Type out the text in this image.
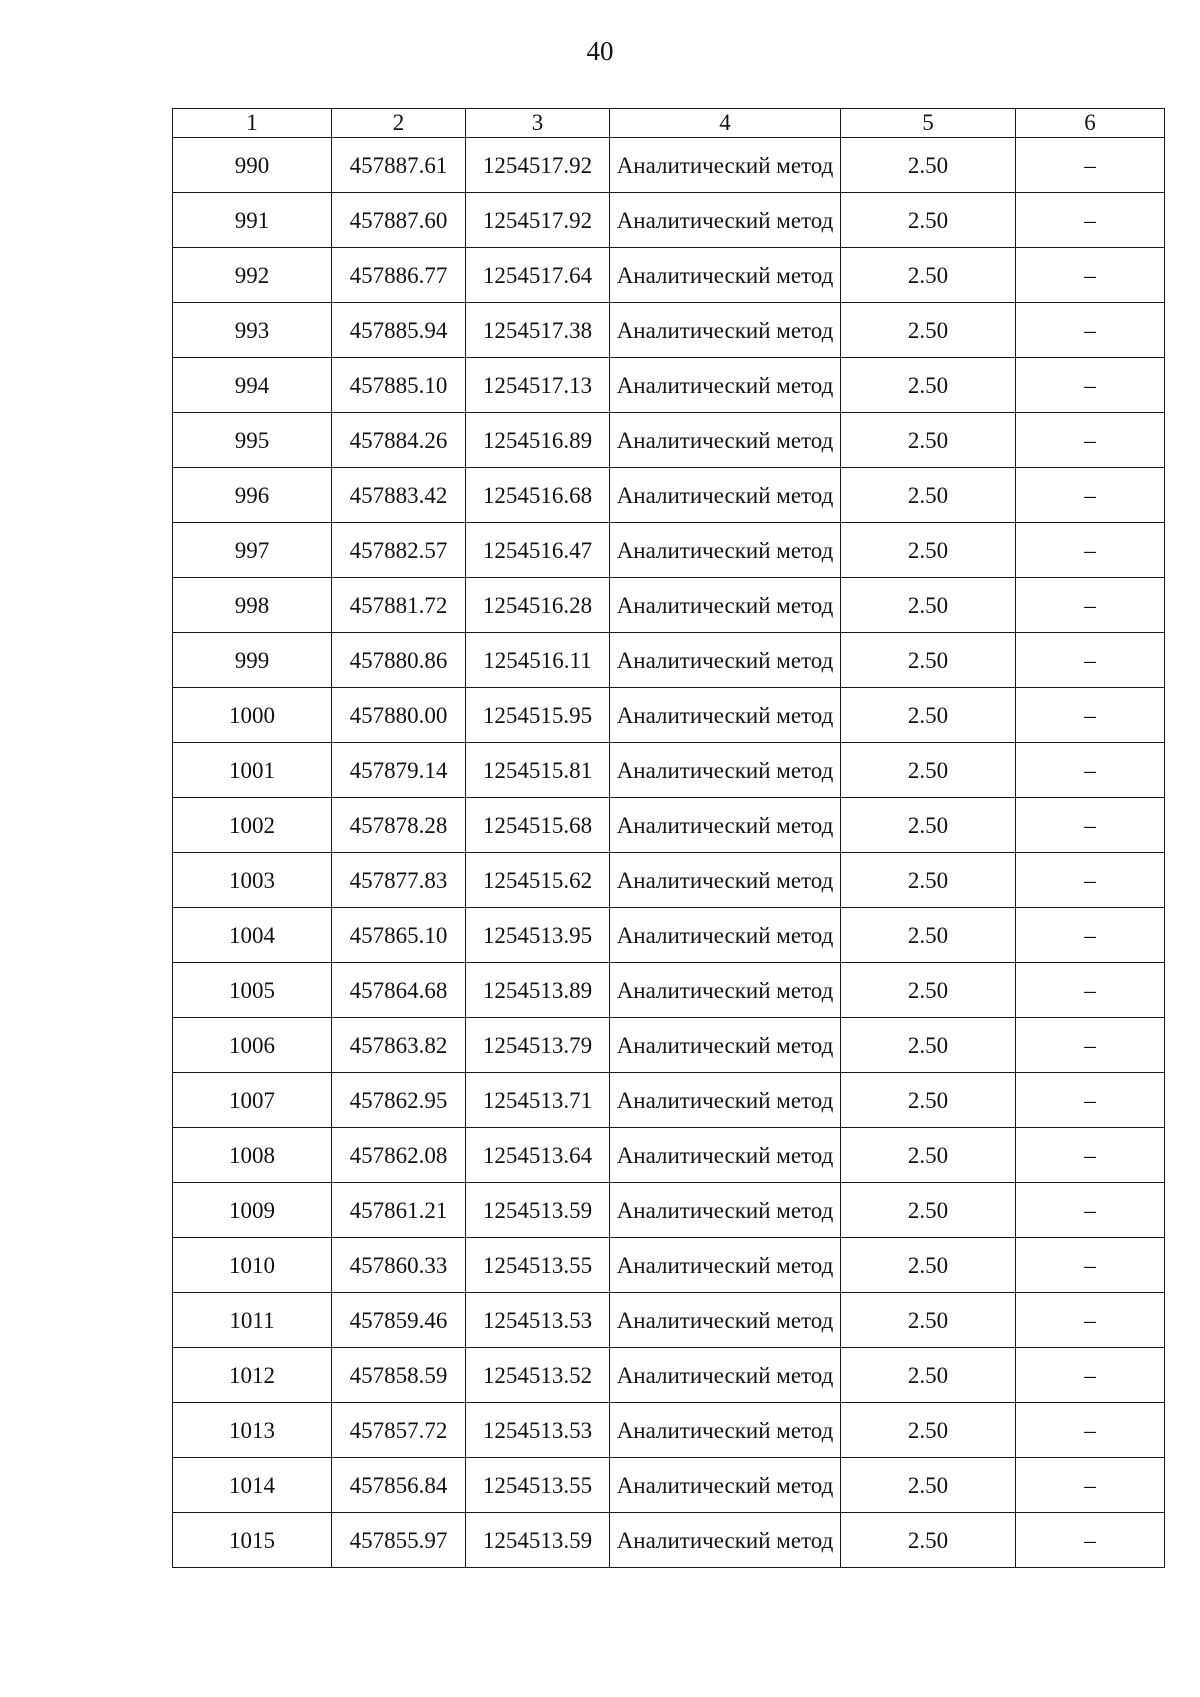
40
1	2	3	4	5	6
990	457887.61	1254517.92	Аналитический метод	2.50	–
991	457887.60	1254517.92	Аналитический метод	2.50	–
992	457886.77	1254517.64	Аналитический метод	2.50	–
993	457885.94	1254517.38	Аналитический метод	2.50	–
994	457885.10	1254517.13	Аналитический метод	2.50	–
995	457884.26	1254516.89	Аналитический метод	2.50	–
996	457883.42	1254516.68	Аналитический метод	2.50	–
997	457882.57	1254516.47	Аналитический метод	2.50	–
998	457881.72	1254516.28	Аналитический метод	2.50	–
999	457880.86	1254516.11	Аналитический метод	2.50	–
1000	457880.00	1254515.95	Аналитический метод	2.50	–
1001	457879.14	1254515.81	Аналитический метод	2.50	–
1002	457878.28	1254515.68	Аналитический метод	2.50	–
1003	457877.83	1254515.62	Аналитический метод	2.50	–
1004	457865.10	1254513.95	Аналитический метод	2.50	–
1005	457864.68	1254513.89	Аналитический метод	2.50	–
1006	457863.82	1254513.79	Аналитический метод	2.50	–
1007	457862.95	1254513.71	Аналитический метод	2.50	–
1008	457862.08	1254513.64	Аналитический метод	2.50	–
1009	457861.21	1254513.59	Аналитический метод	2.50	–
1010	457860.33	1254513.55	Аналитический метод	2.50	–
1011	457859.46	1254513.53	Аналитический метод	2.50	–
1012	457858.59	1254513.52	Аналитический метод	2.50	–
1013	457857.72	1254513.53	Аналитический метод	2.50	–
1014	457856.84	1254513.55	Аналитический метод	2.50	–
1015	457855.97	1254513.59	Аналитический метод	2.50	–
